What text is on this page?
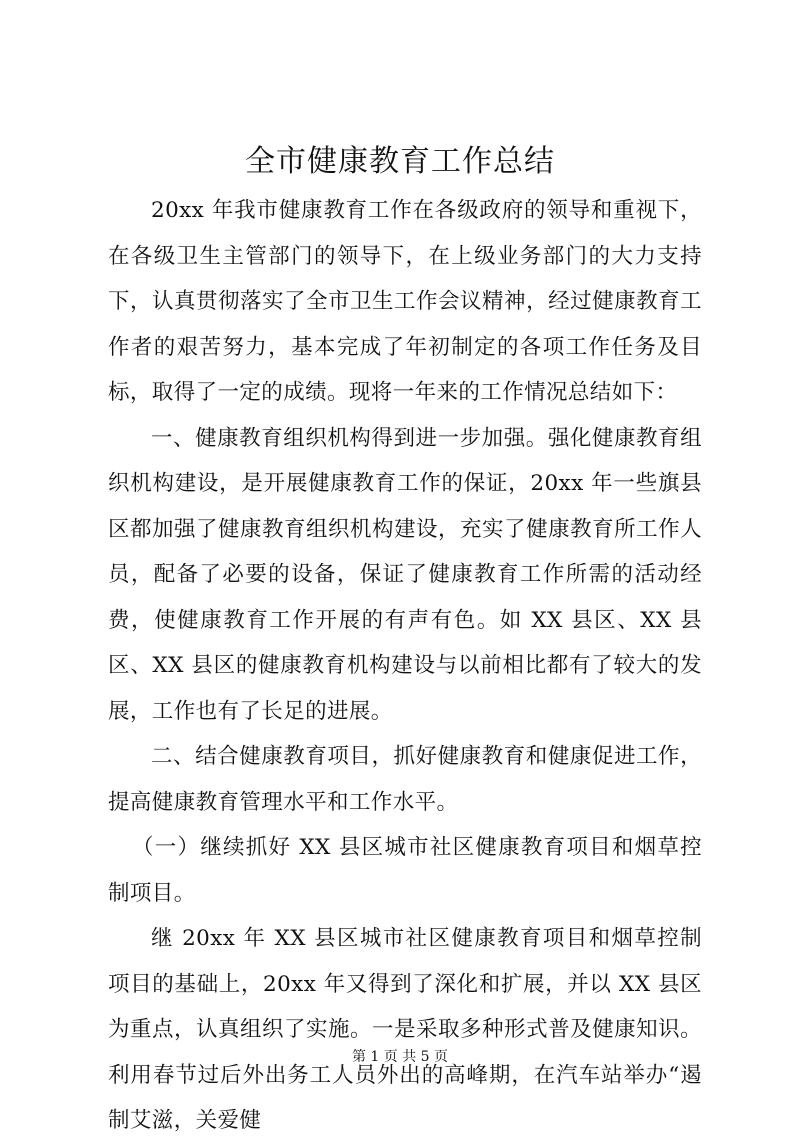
全市健康教育工作总结

20xx 年我市健康教育工作在各级政府的领导和重视下，在各级卫生主管部门的领导下，在上级业务部门的大力支持下，认真贯彻落实了全市卫生工作会议精神，经过健康教育工作者的艰苦努力，基本完成了年初制定的各项工作任务及目标，取得了一定的成绩。现将一年来的工作情况总结如下：

一、健康教育组织机构得到进一步加强。强化健康教育组织机构建设，是开展健康教育工作的保证，20xx 年一些旗县区都加强了健康教育组织机构建设，充实了健康教育所工作人员，配备了必要的设备，保证了健康教育工作所需的活动经费，使健康教育工作开展的有声有色。如 XX 县区、XX 县区、XX 县区的健康教育机构建设与以前相比都有了较大的发展，工作也有了长足的进展。

二、结合健康教育项目，抓好健康教育和健康促进工作，提高健康教育管理水平和工作水平。

（一）继续抓好 XX 县区城市社区健康教育项目和烟草控制项目。

继 20xx 年 XX 县区城市社区健康教育项目和烟草控制项目的基础上，20xx 年又得到了深化和扩展，并以 XX 县区为重点，认真组织了实施。一是采取多种形式普及健康知识。利用春节过后外出务工人员外出的高峰期，在汽车站举办“遏制艾滋，关爱健

第 1 页 共 5 页
